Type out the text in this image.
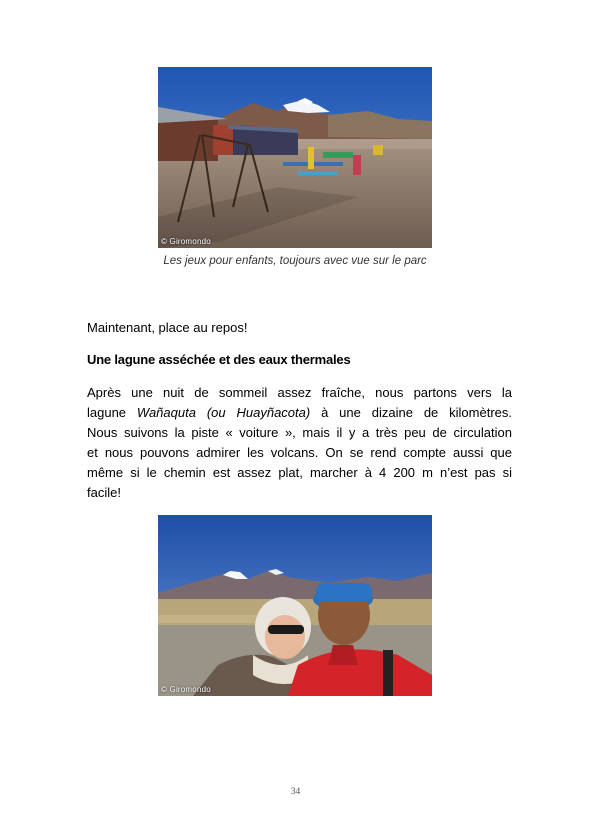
© Giromondo
Les jeux pour enfants, toujours avec vue sur le parc
Maintenant, place au repos!
Une lagune asséchée et des eaux thermales
Après une nuit de sommeil assez fraîche, nous partons vers la
lagune Wañaquta (ou Huayñacota) à une dizaine de kilomètres.
Nous suivons la piste « voiture », mais il y a très peu de circulation
et nous pouvons admirer les volcans. On se rend compte aussi que
même si le chemin est assez plat, marcher à 4 200 m n’est pas si
facile!
© Giromondo
34
